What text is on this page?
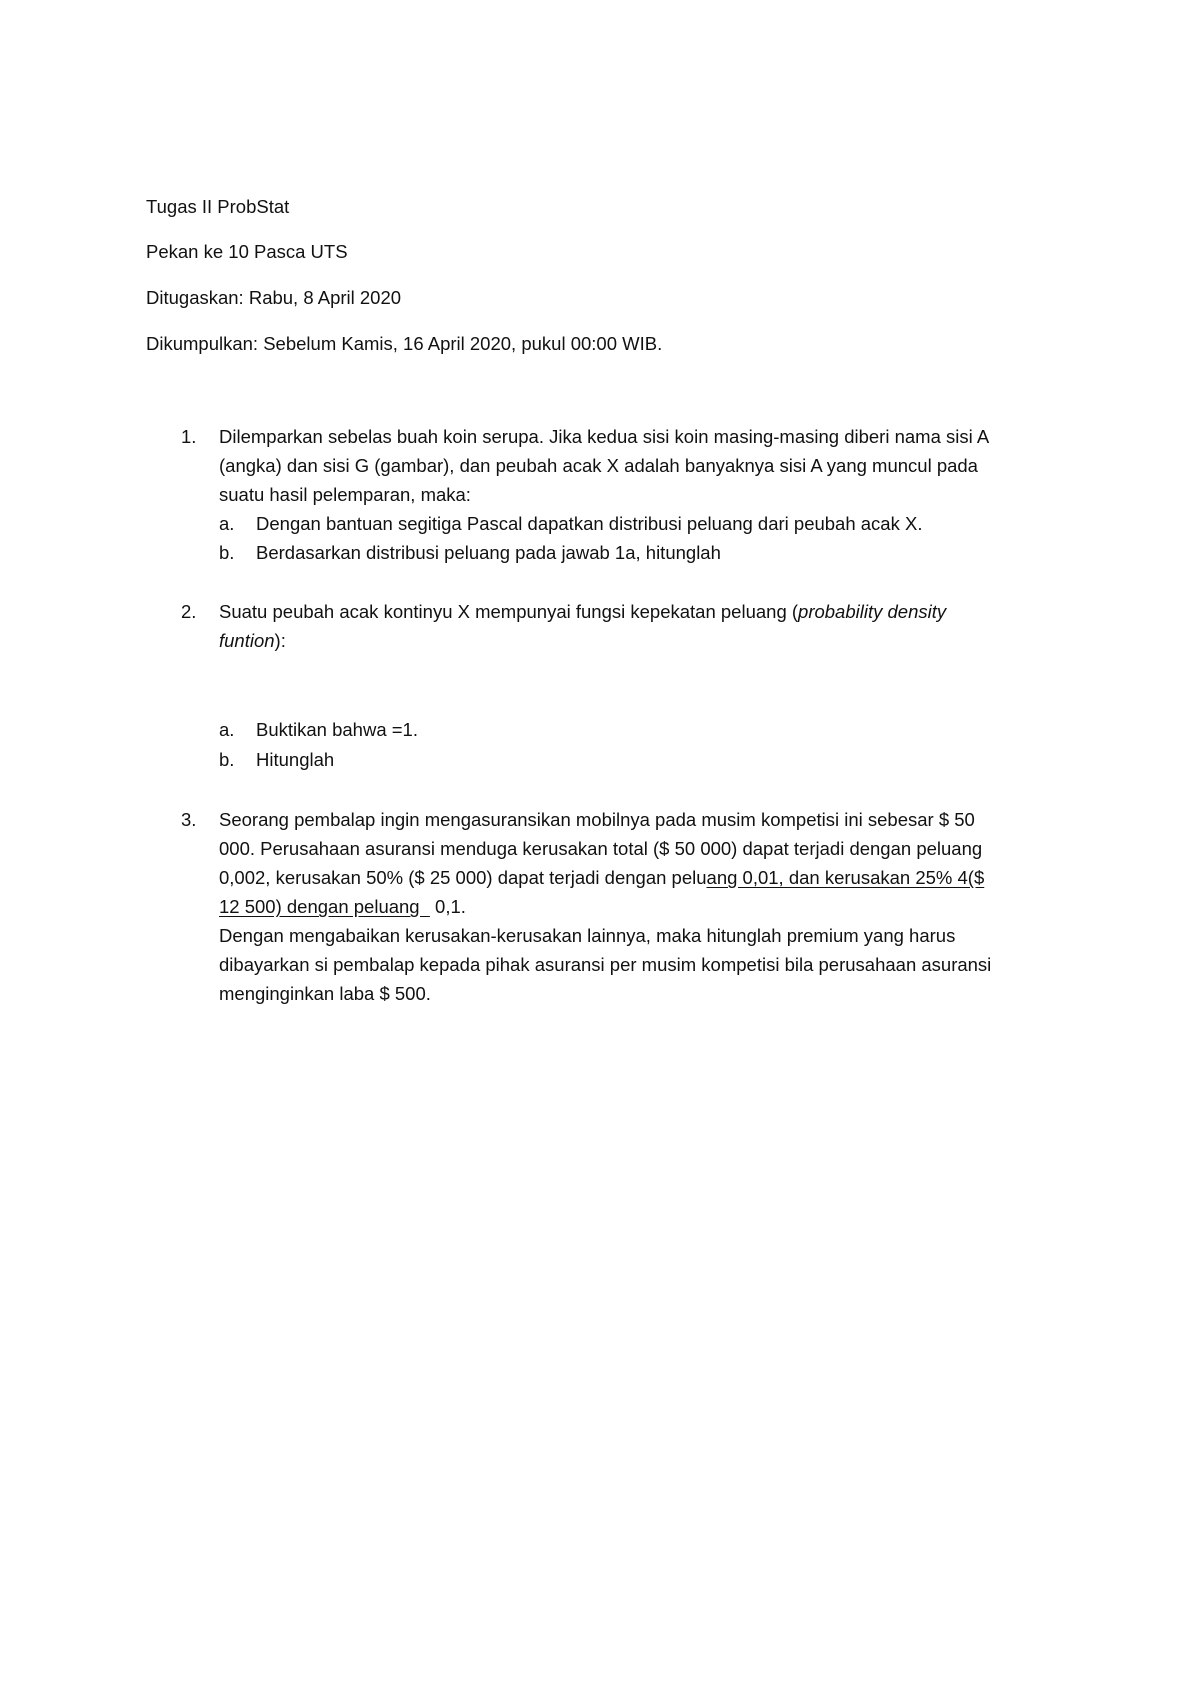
Tugas II ProbStat
Pekan ke 10 Pasca UTS
Ditugaskan: Rabu, 8 April 2020
Dikumpulkan: Sebelum Kamis, 16 April 2020, pukul 00:00 WIB.
1. Dilemparkan sebelas buah koin serupa. Jika kedua sisi koin masing-masing diberi nama sisi A
(angka) dan sisi G (gambar), dan peubah acak X adalah banyaknya sisi A yang muncul pada
suatu hasil pelemparan, maka:
a. Dengan bantuan segitiga Pascal dapatkan distribusi peluang dari peubah acak X.
b. Berdasarkan distribusi peluang pada jawab 1a, hitunglah
2. Suatu peubah acak kontinyu X mempunyai fungsi kepekatan peluang (probability density
funtion):
a. Buktikan bahwa =1.
b. Hitunglah
3. Seorang pembalap ingin mengasuransikan mobilnya pada musim kompetisi ini sebesar $ 50
000. Perusahaan asuransi menduga kerusakan total ($ 50 000) dapat terjadi dengan peluang
0,002, kerusakan 50% ($ 25 000) dapat terjadi dengan peluang 0,01, dan kerusakan 25% 4($
12 500) dengan peluang   0,1.
Dengan mengabaikan kerusakan-kerusakan lainnya, maka hitunglah premium yang harus
dibayarkan si pembalap kepada pihak asuransi per musim kompetisi bila perusahaan asuransi
menginginkan laba $ 500.
